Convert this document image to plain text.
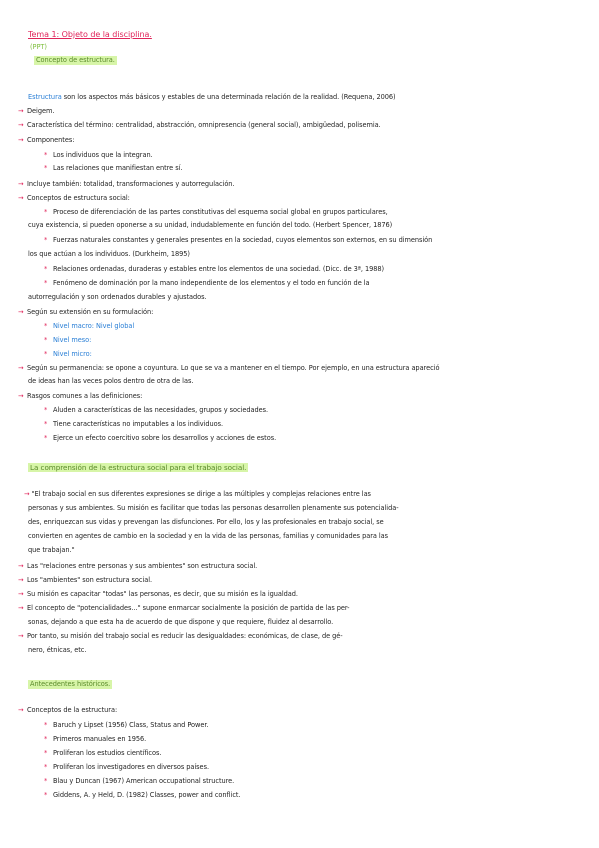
Tema 1: Objeto de la disciplina.
(PPT)
Concepto de estructura.
Estructura son los aspectos más básicos y estables de una determinada relación de la realidad. (Requena, 2006)
→ Deigem.
→ Característica del término: centralidad, abstracción, omnipresencia (general social), ambigüedad, polisemia.
→ Componentes:
* Los individuos que la integran.
* Las relaciones que manifiestan entre sí.
→ Incluye también: totalidad, transformaciones y autorregulación.
→ Conceptos de estructura social:
* Proceso de diferenciación de las partes constitutivas del esquema social global en grupos particulares,
cuya existencia, si pueden oponerse a su unidad, indudablemente en función del todo. (Herbert Spencer, 1876)
* Fuerzas naturales constantes y generales presentes en la sociedad, cuyos elementos son externos, en su dimensión
los que actúan a los individuos. (Durkheim, 1895)
* Relaciones ordenadas, duraderas y estables entre los elementos de una sociedad. (Dicc. de 3ª, 1988)
* Fenómeno de dominación por la mano independiente de los elementos y el todo en función de la
autorregulación y son ordenados durables y ajustados.
→ Según su extensión en su formulación:
* Nivel macro: Nivel global
* Nivel meso:
* Nivel micro:
→ Según su permanencia: se opone a coyuntura. Lo que se va a mantener en el tiempo. Por ejemplo, en una estructura apareció
de ideas han las veces polos dentro de otra de las.
→ Rasgos comunes a las definiciones:
* Aluden a características de las necesidades, grupos y sociedades.
* Tiene características no imputables a los individuos.
* Ejerce un efecto coercitivo sobre los desarrollos y acciones de estos.
La comprensión de la estructura social para el trabajo social.
→ "El trabajo social en sus diferentes expresiones se dirige a las múltiples y complejas relaciones entre las
personas y sus ambientes. Su misión es facilitar que todas las personas desarrollen plenamente sus potencialida-
des, enriquezcan sus vidas y prevengan las disfunciones. Por ello, los y las profesionales en trabajo social, se
convierten en agentes de cambio en la sociedad y en la vida de las personas, familias y comunidades para las
que trabajan."
→ Las "relaciones entre personas y sus ambientes" son estructura social.
→ Los "ambientes" son estructura social.
→ Su misión es capacitar "todas" las personas, es decir, que su misión es la igualdad.
→ El concepto de "potencialidades..." supone enmarcar socialmente la posición de partida de las per-
sonas, dejando a que esta ha de acuerdo de que dispone y que requiere, fluidez al desarrollo.
→ Por tanto, su misión del trabajo social es reducir las desigualdades: económicas, de clase, de gé-
nero, étnicas, etc.
Antecedentes históricos.
→ Conceptos de la estructura:
* Baruch y Lipset (1956) Class, Status and Power.
* Primeros manuales en 1956.
* Proliferan los estudios científicos.
* Proliferan los investigadores en diversos países.
* Blau y Duncan (1967) American occupational structure.
* Giddens, A. y Held, D. (1982) Classes, power and conflict.
